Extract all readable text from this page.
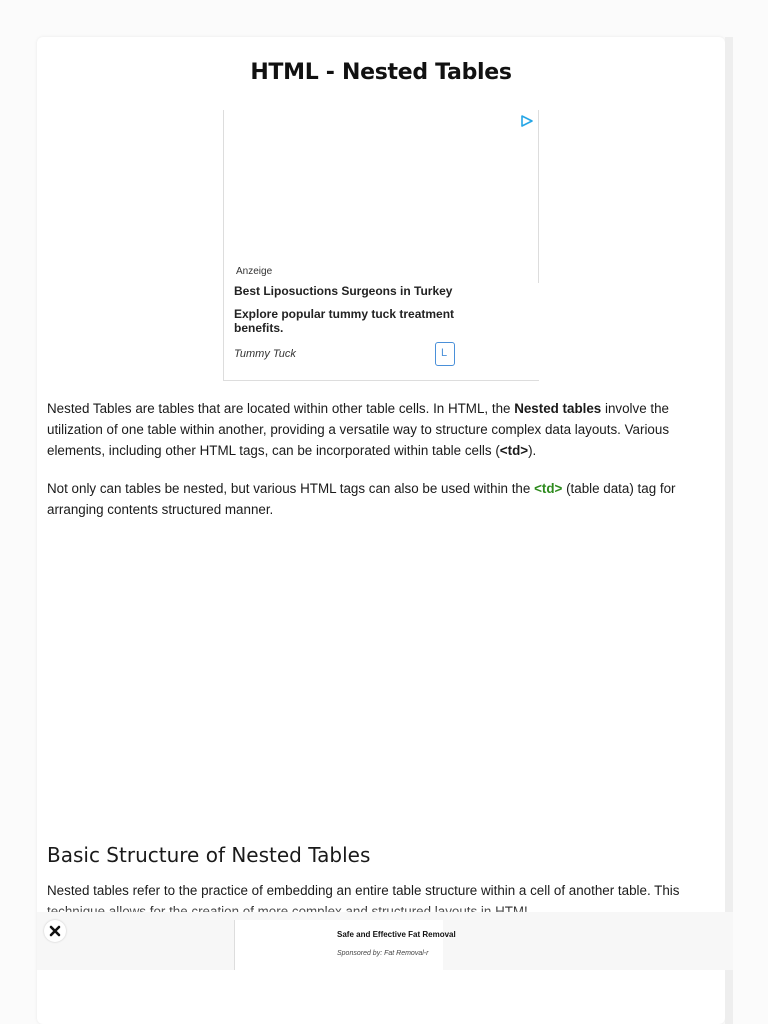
HTML - Nested Tables
Anzeige
Best Liposuctions Surgeons in Turkey
Explore popular tummy tuck treatment benefits.
Tummy Tuck	L

Nested Tables are tables that are located within other table cells. In HTML, the Nested tables involve the utilization of one table within another, providing a versatile way to structure complex data layouts. Various elements, including other HTML tags, can be incorporated within table cells (<td>).

Not only can tables be nested, but various HTML tags can also be used within the <td> (table data) tag for arranging contents structured manner.

Basic Structure of Nested Tables

Nested tables refer to the practice of embedding an entire table structure within a cell of another table. This

Safe and Effective Fat Removal
Sponsored by: Fat Removal-r
